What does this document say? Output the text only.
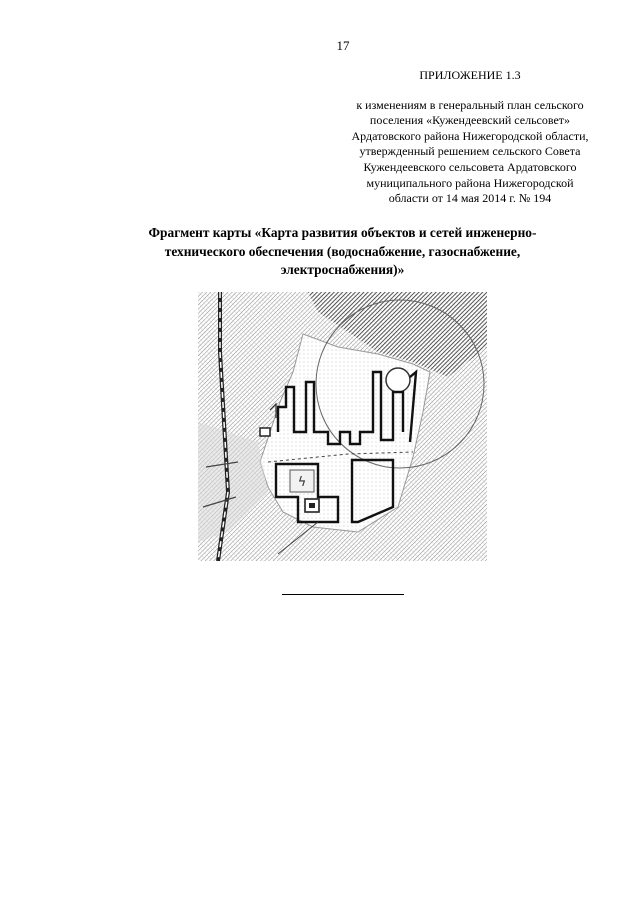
17
ПРИЛОЖЕНИЕ 1.3
к изменениям в генеральный план сельского
поселения «Кужендеевский сельсовет»
Ардатовского района Нижегородской области,
утвержденный решением сельского Совета
Кужендеевского сельсовета Ардатовского
муниципального района Нижегородской
области от 14 мая 2014 г. № 194
Фрагмент карты «Карта развития объектов и сетей инженерно-
технического обеспечения (водоснабжение, газоснабжение,
электроснабжения)»
ϟ
